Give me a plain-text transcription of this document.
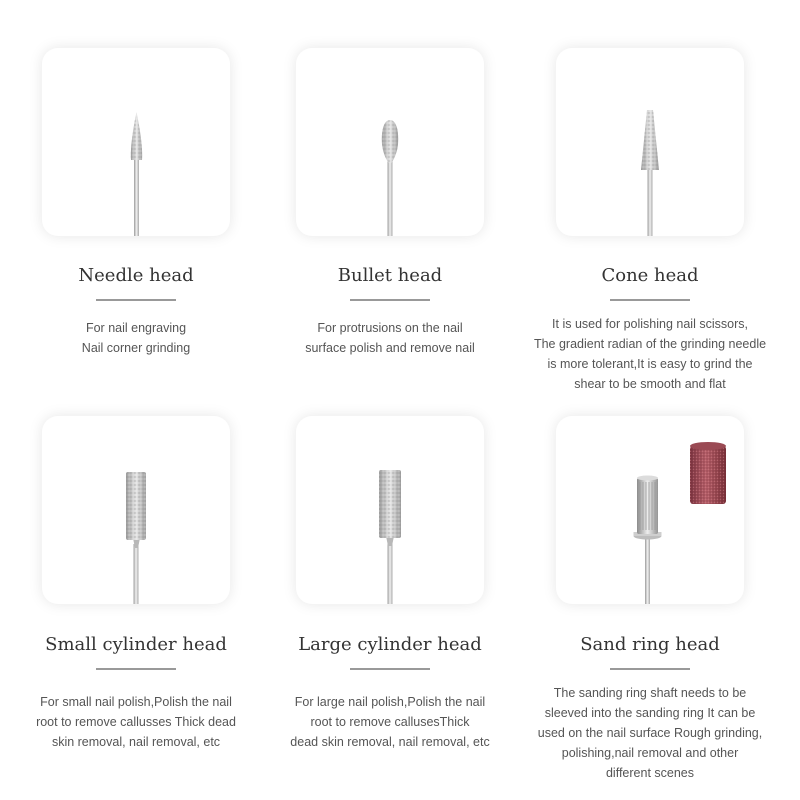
Needle head
For nail engraving
Nail corner grinding
Bullet head
For protrusions on the nail
surface polish and remove nail
Cone head
It is used for polishing nail scissors,
The gradient radian of the grinding needle
is more tolerant,It is easy to grind the
shear to be smooth and flat
Small cylinder head
For small nail polish,Polish the nail
root to remove callusses Thick dead
skin removal, nail removal, etc
Large cylinder head
For large nail polish,Polish the nail
root to remove callusesThick
dead skin removal, nail removal, etc
Sand ring head
The sanding ring shaft needs to be
sleeved into the sanding ring It can be
used on the nail surface Rough grinding,
polishing,nail removal and other
different scenes
